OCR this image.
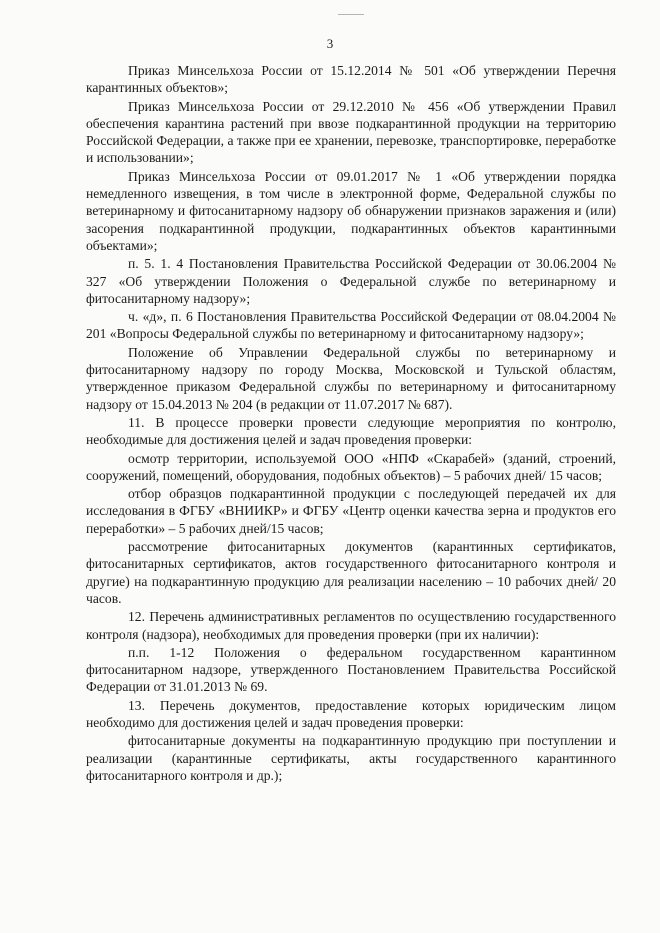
3

Приказ Минсельхоза России от 15.12.2014 № 501 «Об утверждении Перечня карантинных объектов»;

Приказ Минсельхоза России от 29.12.2010 № 456 «Об утверждении Правил обеспечения карантина растений при ввозе подкарантинной продукции на территорию Российской Федерации, а также при ее хранении, перевозке, транспортировке, переработке и использовании»;

Приказ Минсельхоза России от 09.01.2017 № 1 «Об утверждении порядка немедленного извещения, в том числе в электронной форме, Федеральной службы по ветеринарному и фитосанитарному надзору об обнаружении признаков заражения и (или) засорения подкарантинной продукции, подкарантинных объектов карантинными объектами»;

п. 5. 1. 4 Постановления Правительства Российской Федерации от 30.06.2004 № 327 «Об утверждении Положения о Федеральной службе по ветеринарному и фитосанитарному надзору»;

ч. «д», п. 6 Постановления Правительства Российской Федерации от 08.04.2004 № 201 «Вопросы Федеральной службы по ветеринарному и фитосанитарному надзору»;

Положение об Управлении Федеральной службы по ветеринарному и фитосанитарному надзору по городу Москва, Московской и Тульской областям, утвержденное приказом Федеральной службы по ветеринарному и фитосанитарному надзору от 15.04.2013 № 204 (в редакции от 11.07.2017 № 687).

11. В процессе проверки провести следующие мероприятия по контролю, необходимые для достижения целей и задач проведения проверки:

осмотр территории, используемой ООО «НПФ «Скарабей» (зданий, строений, сооружений, помещений, оборудования, подобных объектов) – 5 рабочих дней/ 15 часов;

отбор образцов подкарантинной продукции с последующей передачей их для исследования в ФГБУ «ВНИИКР» и ФГБУ «Центр оценки качества зерна и продуктов его переработки» – 5 рабочих дней/15 часов;

рассмотрение фитосанитарных документов (карантинных сертификатов, фитосанитарных сертификатов, актов государственного фитосанитарного контроля и другие) на подкарантинную продукцию для реализации населению – 10 рабочих дней/ 20 часов.

12. Перечень административных регламентов по осуществлению государственного контроля (надзора), необходимых для проведения проверки (при их наличии):

п.п. 1-12 Положения о федеральном государственном карантинном фитосанитарном надзоре, утвержденного Постановлением Правительства Российской Федерации от 31.01.2013 № 69.

13. Перечень документов, предоставление которых юридическим лицом необходимо для достижения целей и задач проведения проверки:

фитосанитарные документы на подкарантинную продукцию при поступлении и реализации (карантинные сертификаты, акты государственного карантинного фитосанитарного контроля и др.);
